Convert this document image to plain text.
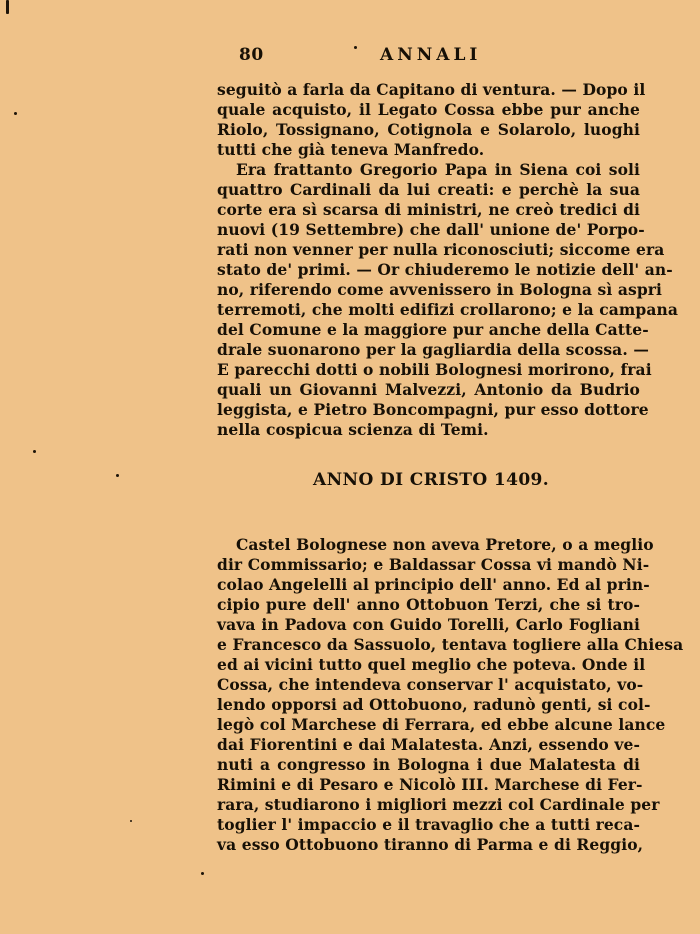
80	ANNALI
seguitò a farla da Capitano di ventura. — Dopo il
quale acquisto, il Legato Cossa ebbe pur anche
Riolo, Tossignano, Cotignola e Solarolo, luoghi
tutti che già teneva Manfredo.
Era frattanto Gregorio Papa in Siena coi soli
quattro Cardinali da lui creati: e perchè la sua
corte era sì scarsa di ministri, ne creò tredici di
nuovi (19 Settembre) che dall' unione de' Porpo-
rati non venner per nulla riconosciuti; siccome era
stato de' primi. — Or chiuderemo le notizie dell' an-
no, riferendo come avvenissero in Bologna sì aspri
terremoti, che molti edifizi crollarono; e la campana
del Comune e la maggiore pur anche della Catte-
drale suonarono per la gagliardia della scossa. —
E parecchi dotti o nobili Bolognesi morirono, frai
quali un Giovanni Malvezzi, Antonio da Budrio
leggista, e Pietro Boncompagni, pur esso dottore
nella cospicua scienza di Temi.
ANNO DI CRISTO 1409.
Castel Bolognese non aveva Pretore, o a meglio
dir Commissario; e Baldassar Cossa vi mandò Ni-
colao Angelelli al principio dell' anno. Ed al prin-
cipio pure dell' anno Ottobuon Terzi, che si tro-
vava in Padova con Guido Torelli, Carlo Fogliani
e Francesco da Sassuolo, tentava togliere alla Chiesa
ed ai vicini tutto quel meglio che poteva. Onde il
Cossa, che intendeva conservar l' acquistato, vo-
lendo opporsi ad Ottobuono, radunò genti, si col-
legò col Marchese di Ferrara, ed ebbe alcune lance
dai Fiorentini e dai Malatesta. Anzi, essendo ve-
nuti a congresso in Bologna i due Malatesta di
Rimini e di Pesaro e Nicolò III. Marchese di Fer-
rara, studiarono i migliori mezzi col Cardinale per
toglier l' impaccio e il travaglio che a tutti reca-
va esso Ottobuono tiranno di Parma e di Reggio,
